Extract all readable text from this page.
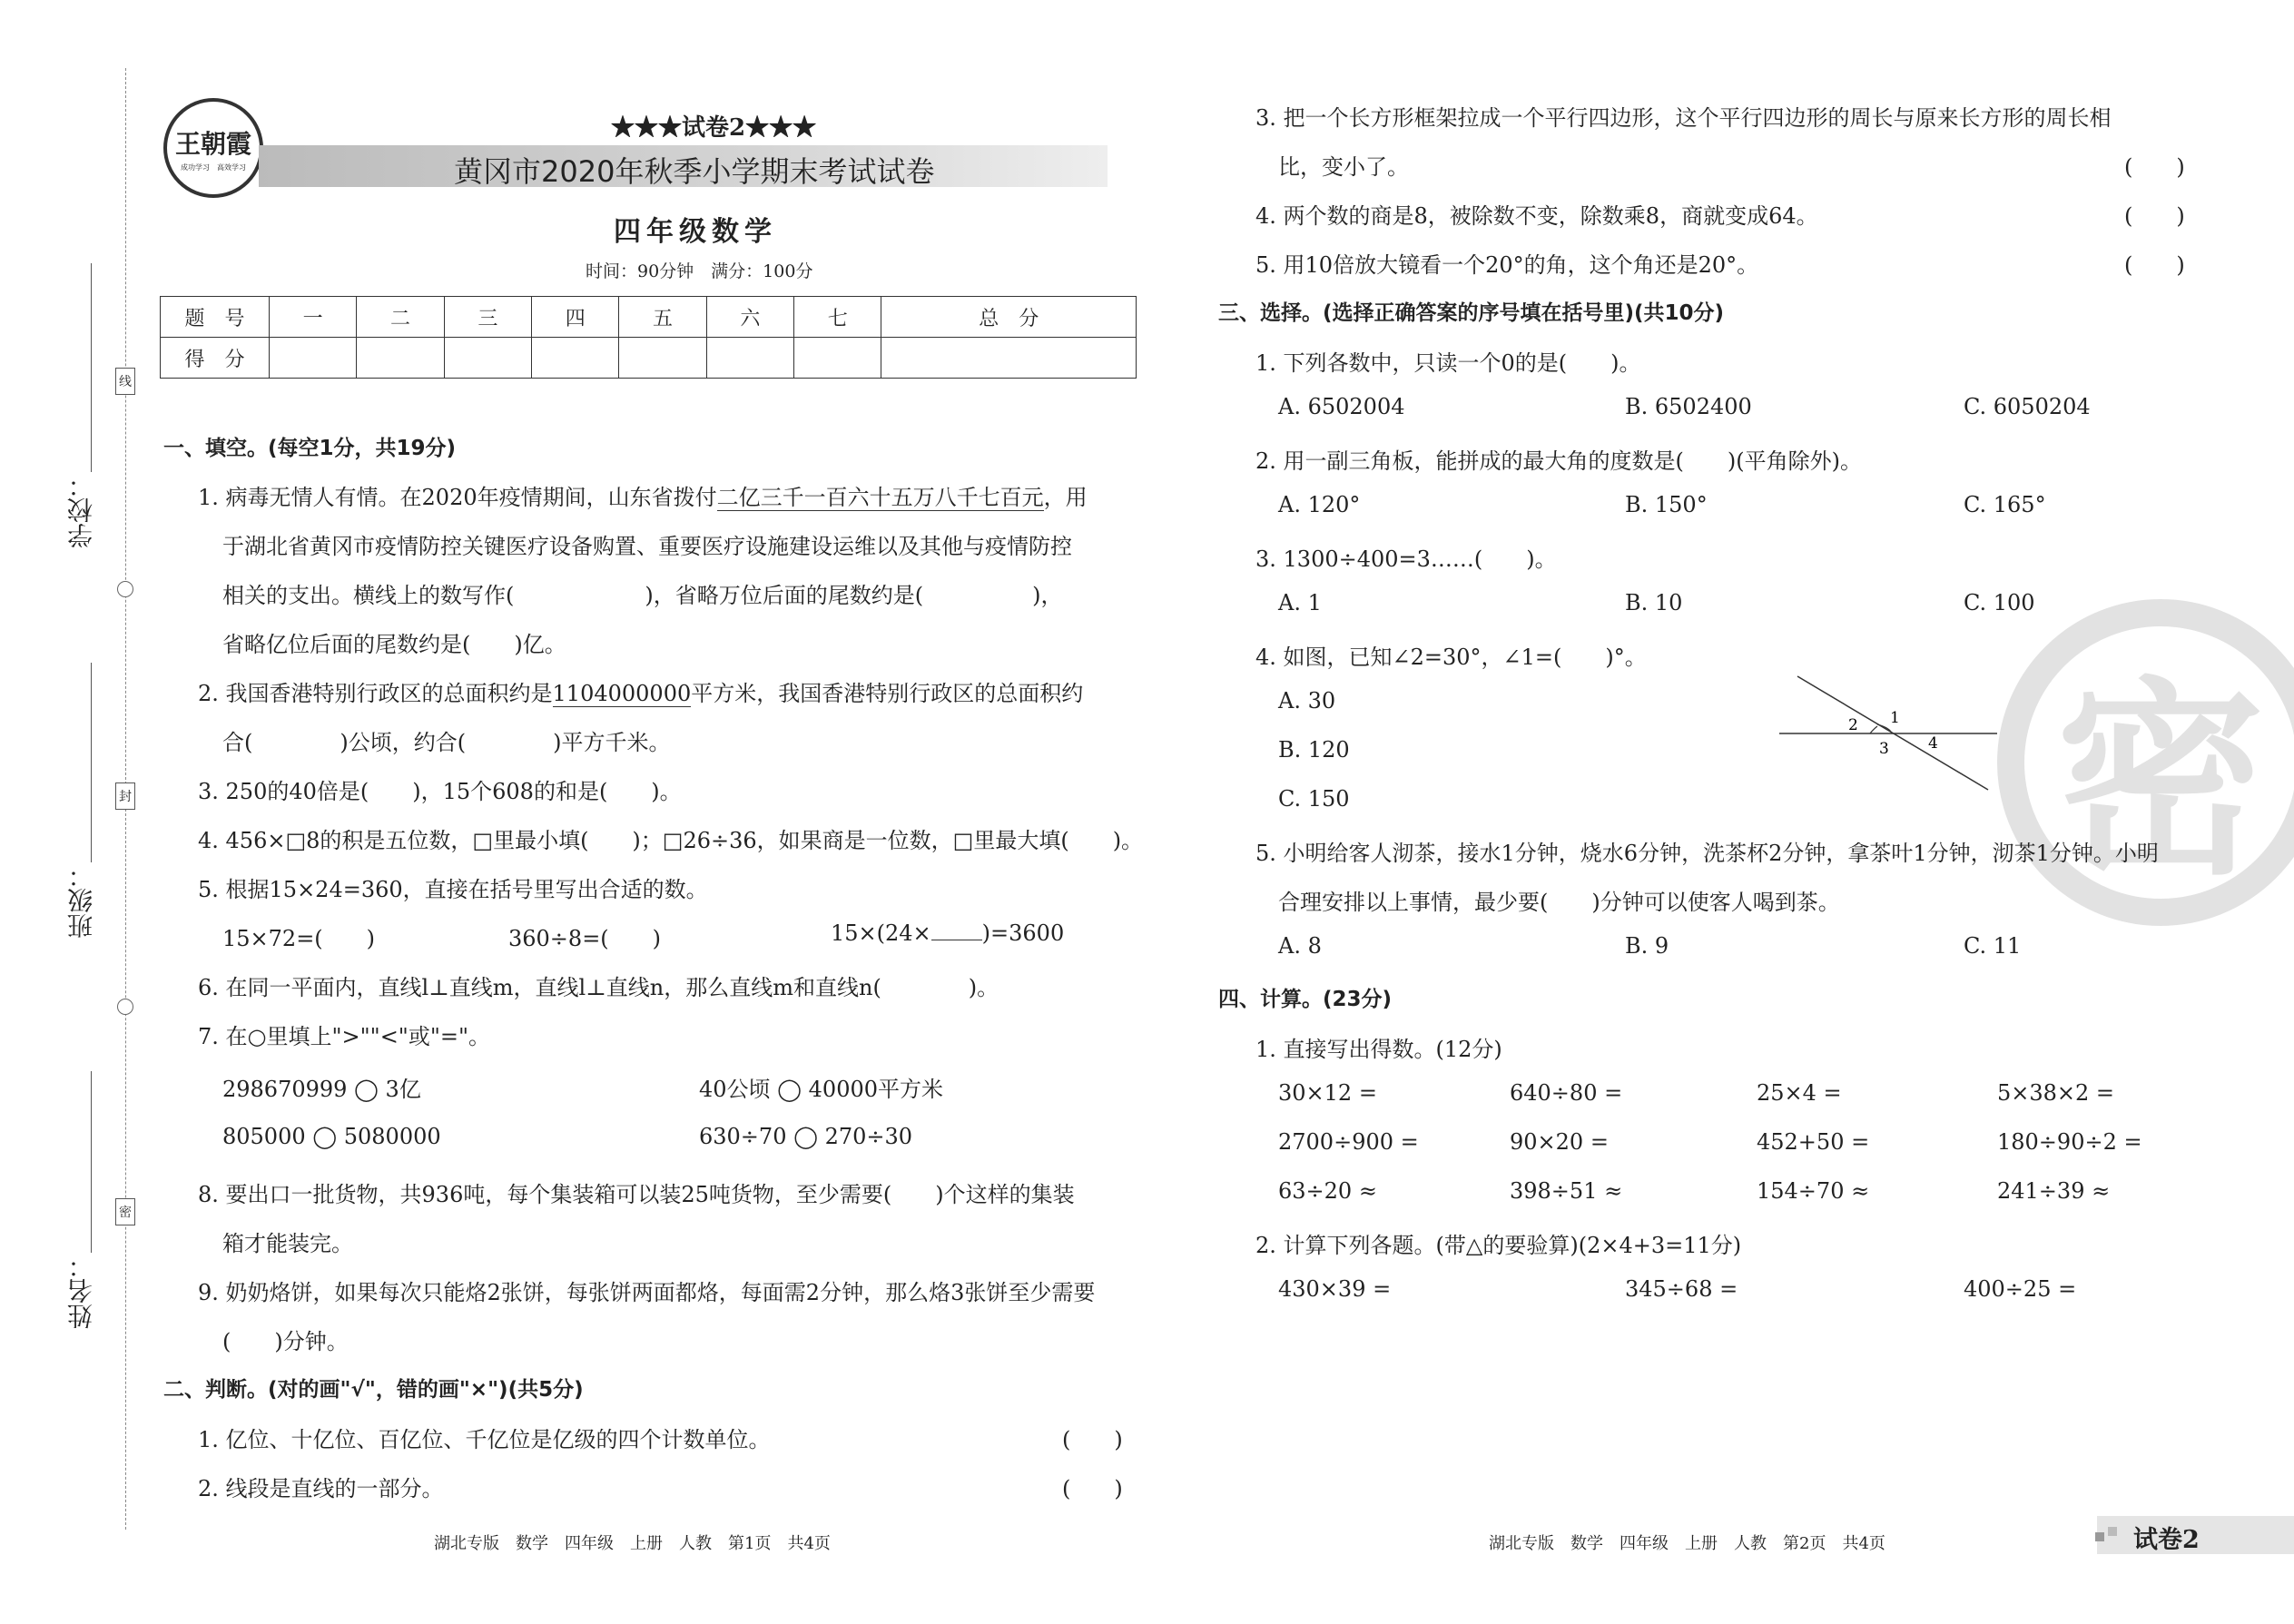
学校：
班级：
姓名：
线
封
密
王朝霞
成功学习　高效学习
★★★试卷2★★★
黄冈市2020年秋季小学期末考试试卷
四年级数学
时间：90分钟　满分：100分
题　号	一	二	三	四	五	六	七	总　分
得　分								
一、填空。(每空1分，共19分)
1. 病毒无情人有情。在2020年疫情期间，山东省拨付二亿三千一百六十五万八千七百元，用
于湖北省黄冈市疫情防控关键医疗设备购置、重要医疗设施建设运维以及其他与疫情防控
相关的支出。横线上的数写作(　　　　　　)，省略万位后面的尾数约是(　　　　　)，
省略亿位后面的尾数约是(　　)亿。
2. 我国香港特别行政区的总面积约是1104000000平方米，我国香港特别行政区的总面积约
合(　　　　)公顷，约合(　　　　)平方千米。
3. 250的40倍是(　　)，15个608的和是(　　)。
4. 456×□8的积是五位数，□里最小填(　　)；□26÷36，如果商是一位数，□里最大填(　　)。
5. 根据15×24=360，直接在括号里写出合适的数。
15×72=(　　)	360÷8=(　　)	15×(24× )=3600
6. 在同一平面内，直线l⊥直线m，直线l⊥直线n，那么直线m和直线n(　　　　)。
7. 在○里填上">""<"或"="。
298670999 ◯ 3亿	40公顷 ◯ 40000平方米
805000 ◯ 5080000	630÷70 ◯ 270÷30
8. 要出口一批货物，共936吨，每个集装箱可以装25吨货物，至少需要(　　)个这样的集装
箱才能装完。
9. 奶奶烙饼，如果每次只能烙2张饼，每张饼两面都烙，每面需2分钟，那么烙3张饼至少需要
(　　)分钟。
二、判断。(对的画"√"，错的画"×")(共5分)
1. 亿位、十亿位、百亿位、千亿位是亿级的四个计数单位。	(　　)
2. 线段是直线的一部分。	(　　)
湖北专版　数学　四年级　上册　人教　第1页　共4页
密
3. 把一个长方形框架拉成一个平行四边形，这个平行四边形的周长与原来长方形的周长相
比，变小了。	(　　)
4. 两个数的商是8，被除数不变，除数乘8，商就变成64。	(　　)
5. 用10倍放大镜看一个20°的角，这个角还是20°。	(　　)
三、选择。(选择正确答案的序号填在括号里)(共10分)
1. 下列各数中，只读一个0的是(　　)。
A. 6502004	B. 6502400	C. 6050204
2. 用一副三角板，能拼成的最大角的度数是(　　)(平角除外)。
A. 120°	B. 150°	C. 165°
3. 1300÷400=3……(　　)。
A. 1	B. 10	C. 100
4. 如图，已知∠2=30°，∠1=(　　)°。
A. 30
B. 120
C. 150
1
2
3	4
5. 小明给客人沏茶，接水1分钟，烧水6分钟，洗茶杯2分钟，拿茶叶1分钟，沏茶1分钟。小明
合理安排以上事情，最少要(　　)分钟可以使客人喝到茶。
A. 8	B. 9	C. 11
四、计算。(23分)
1. 直接写出得数。(12分)
30×12 =	640÷80 =	25×4 =	5×38×2 =
2700÷900 =	90×20 =	452+50 =	180÷90÷2 =
63÷20 ≈	398÷51 ≈	154÷70 ≈	241÷39 ≈
2. 计算下列各题。(带△的要验算)(2×4+3=11分)
430×39 =	345÷68 =	400÷25 =
湖北专版　数学　四年级　上册　人教　第2页　共4页	试卷2
